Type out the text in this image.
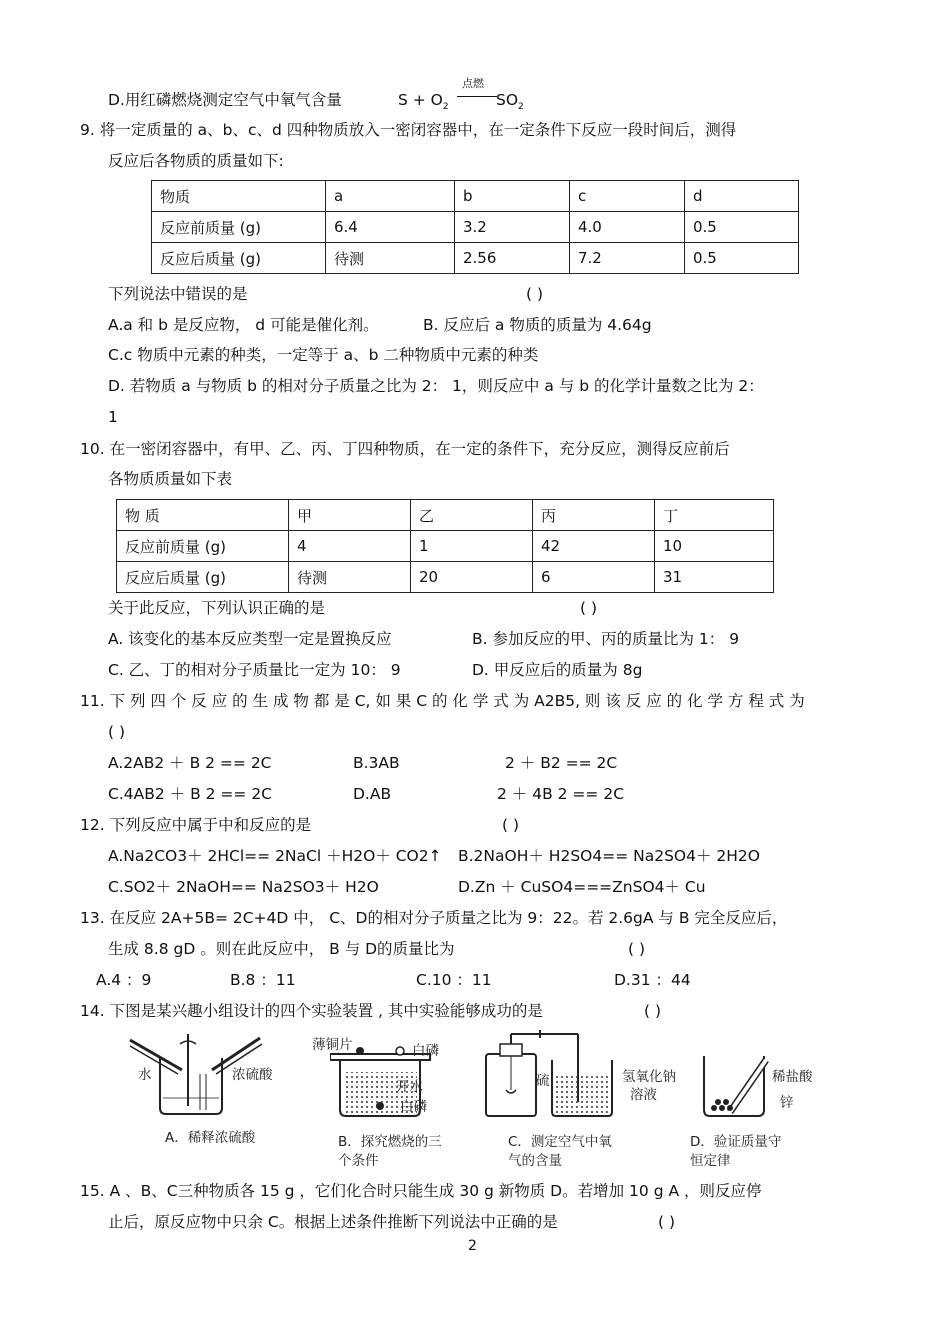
D.用红磷燃烧测定空气中氧气含量	$S + O_2$
点燃
$SO_2$
9. 将一定质量的 a、b、c、d 四种物质放入一密闭容器中，在一定条件下反应一段时间后，测得
反应后各物质的质量如下:
物质	a	b	c	d
反应前质量 (g)	6.4	3.2	4.0	0.5
反应后质量 (g)	待测	2.56	7.2	0.5
下列说法中错误的是	( )
A.a 和 b 是反应物， d 可能是催化剂。	B. 反应后 a 物质的质量为 4.64g
C.c 物质中元素的种类，一定等于 a、b 二种物质中元素的种类
D. 若物质 a 与物质 b 的相对分子质量之比为 2： 1，则反应中 a 与 b 的化学计量数之比为 2：
1
10. 在一密闭容器中，有甲、乙、丙、丁四种物质，在一定的条件下，充分反应，测得反应前后
各物质质量如下表
物 质	甲	乙	丙	丁
反应前质量 (g)	4	1	42	10
反应后质量 (g)	待测	20	6	31
关于此反应，下列认识正确的是	( )
A. 该变化的基本反应类型一定是置换反应	B. 参加反应的甲、丙的质量比为 1： 9
C. 乙、丁的相对分子质量比一定为 10： 9	D. 甲反应后的质量为 8g
11. 下 列 四 个 反 应 的 生 成 物 都 是 C, 如 果 C 的 化 学 式 为 A2B5, 则 该 反 应 的 化 学 方 程 式 为
( )
A.2AB2 ＋ B 2 == 2C	B.3AB	2 ＋ B2 == 2C
C.4AB2 ＋ B 2 == 2C	D.AB	2 ＋ 4B 2 == 2C
12. 下列反应中属于中和反应的是	( )
A.Na2CO3＋ 2HCl== 2NaCl ＋H2O＋ CO2↑ B.2NaOH＋ H2SO4== Na2SO4＋ 2H2O
C.SO2＋ 2NaOH== Na2SO3＋ H2O	D.Zn ＋ CuSO4===ZnSO4＋ Cu
13. 在反应 2A+5B= 2C+4D 中， C、D的相对分子质量之比为 9：22。若 2.6gA 与 B 完全反应后，
生成 8.8 gD 。则在此反应中， B 与 D的质量比为	( )
A.4 ：9	B.8 ：11	C.10 ：11	D.31 ：44
14. 下图是某兴趣小组设计的四个实验装置 , 其中实验能够成功的是	( )
水	浓硫酸
A．稀释浓硫酸
薄铜片	白磷
开水
白磷
B．探究燃烧的三
个条件
硫	氢氧化钠
溶液
C．测定空气中氧
气的含量
稀盐酸
锌
D．验证质量守
恒定律
15. A 、B、C三种物质各 15 g ，它们化合时只能生成 30 g 新物质 D。若增加 10 g A ，则反应停
止后，原反应物中只余 C。根据上述条件推断下列说法中正确的是	( )
2
